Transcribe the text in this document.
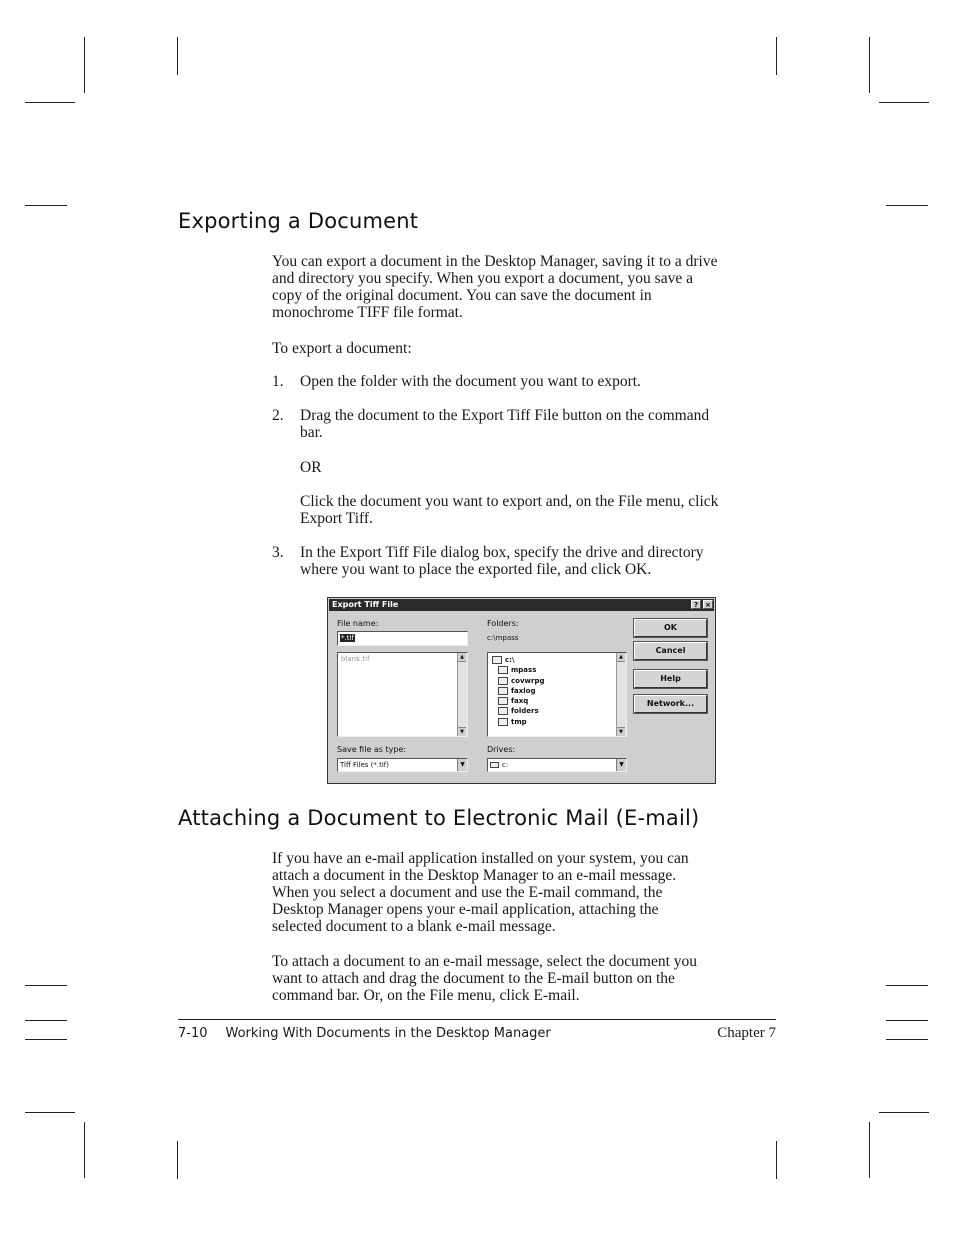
Exporting a Document
You can export a document in the Desktop Manager, saving it to a drive
and directory you specify. When you export a document, you save a
copy of the original document. You can save the document in
monochrome TIFF file format.
To export a document:
1. Open the folder with the document you want to export.
2. Drag the document to the Export Tiff File button on the command
bar.
OR
Click the document you want to export and, on the File menu, click
Export Tiff.
3. In the Export Tiff File dialog box, specify the drive and directory
where you want to place the exported file, and click OK.
Export Tiff File	?	×
File name:
*.tif
blank.tif	▲
▼
Folders:
c:\mpass
c:\
mpass
covwrpg
faxlog
faxq
folders
tmp
▲
▼
Save file as type:
Tiff Files (*.tif)	▼
Drives:
c:	▼
OK
Cancel
Help
Network...
Attaching a Document to Electronic Mail (E-mail)
If you have an e-mail application installed on your system, you can
attach a document in the Desktop Manager to an e-mail message.
When you select a document and use the E-mail command, the
Desktop Manager opens your e-mail application, attaching the
selected document to a blank e-mail message.
To attach a document to an e-mail message, select the document you
want to attach and drag the document to the E-mail button on the
command bar. Or, on the File menu, click E-mail.
7-10 Working With Documents in the Desktop Manager	Chapter 7
